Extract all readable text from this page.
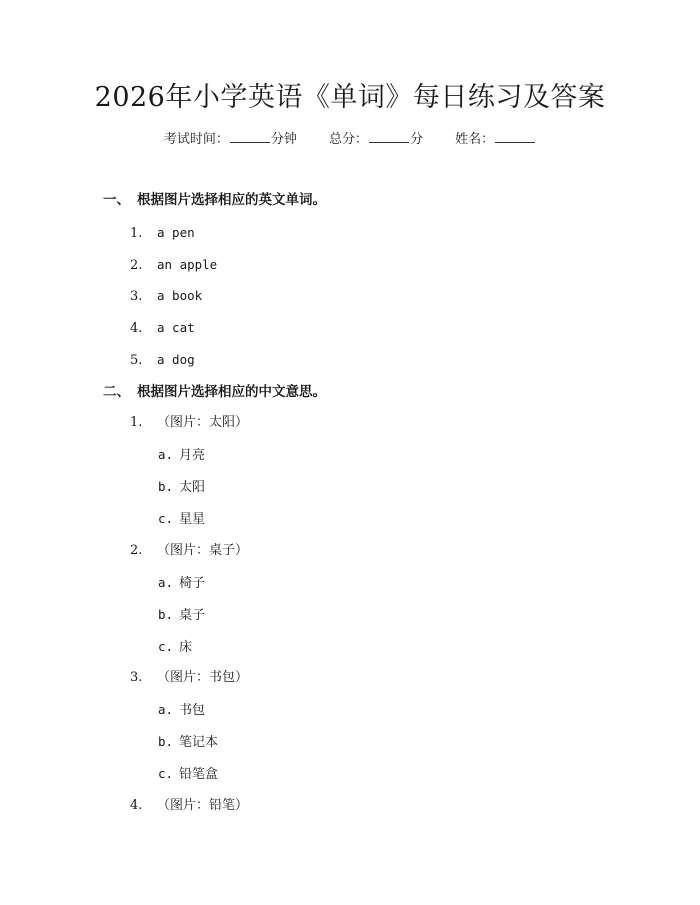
2026年小学英语《单词》每日练习及答案
考试时间：	分钟 总分：	分 姓名：
一、 根据图片选择相应的英文单词。
1. a pen
2. an apple
3. a book
4. a cat
5. a dog
二、 根据图片选择相应的中文意思。
1. （图片：太阳）
a. 月亮
b. 太阳
c. 星星
2. （图片：桌子）
a. 椅子
b. 桌子
c. 床
3. （图片：书包）
a. 书包
b. 笔记本
c. 铅笔盒
4. （图片：铅笔）
